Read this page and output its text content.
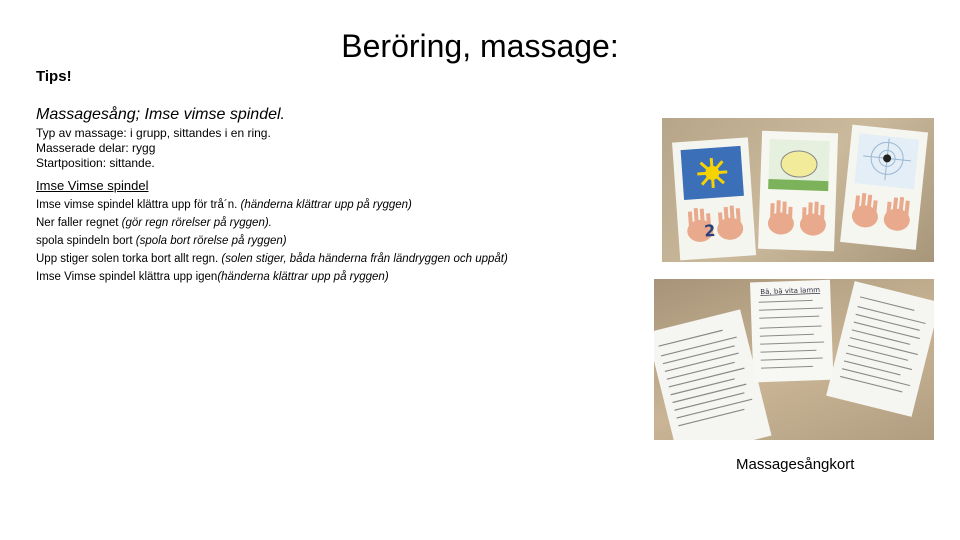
Beröring, massage:
Tips!
Massagesång; Imse vimse spindel.
Typ av massage: i grupp, sittandes i en ring.
Masserade delar: rygg
Startposition: sittande.
Imse Vimse spindel
Imse vimse spindel klättra upp för trå´n. (händerna klättrar upp på ryggen)
Ner faller regnet (gör regn rörelser på ryggen).
spola spindeln bort (spola bort rörelse på ryggen)
Upp stiger solen torka bort allt regn. (solen stiger, båda händerna från ländryggen och uppåt)
Imse Vimse spindel klättra upp igen(händerna klättrar upp på ryggen)
2
Bä, bä vita lamm
Massagesångkort
